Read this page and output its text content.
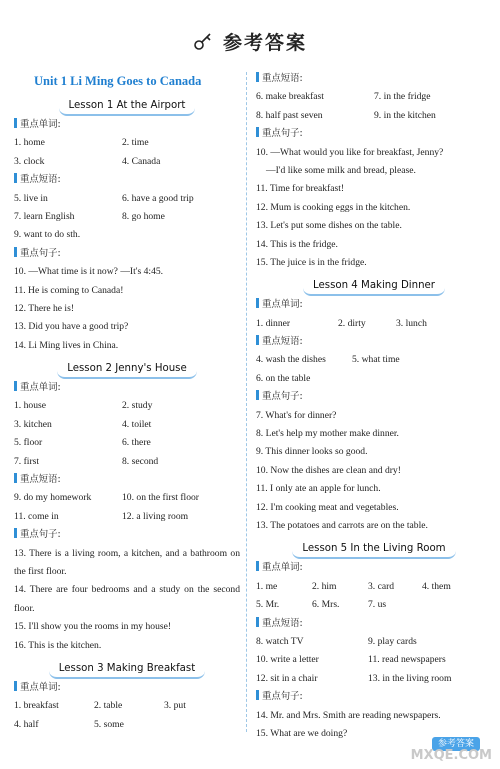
参考答案
Unit 1 Li Ming Goes to Canada
Lesson 1 At the Airport
重点单词:
1. home	2. time
3. clock	4. Canada
重点短语:
5. live in	6. have a good trip
7. learn English	8. go home
9. want to do sth.
重点句子:
10. —What time is it now? —It's 4:45.
11. He is coming to Canada!
12. There he is!
13. Did you have a good trip?
14. Li Ming lives in China.
Lesson 2 Jenny's House
重点单词:
1. house	2. study
3. kitchen	4. toilet
5. floor	6. there
7. first	8. second
重点短语:
9. do my homework	10. on the first floor
11. come in	12. a living room
重点句子:
13. There is a living room, a kitchen, and a bathroom on the first floor.
14. There are four bedrooms and a study on the second floor.
15. I'll show you the rooms in my house!
16. This is the kitchen.
Lesson 3 Making Breakfast
重点单词:
1. breakfast	2. table	3. put
4. half	5. some
重点短语:
6. make breakfast	7. in the fridge
8. half past seven	9. in the kitchen
重点句子:
10. —What would you like for breakfast, Jenny?
—I'd like some milk and bread, please.
11. Time for breakfast!
12. Mum is cooking eggs in the kitchen.
13. Let's put some dishes on the table.
14. This is the fridge.
15. The juice is in the fridge.
Lesson 4 Making Dinner
重点单词:
1. dinner	2. dirty	3. lunch
重点短语:
4. wash the dishes	5. what time
6. on the table
重点句子:
7. What's for dinner?
8. Let's help my mother make dinner.
9. This dinner looks so good.
10. Now the dishes are clean and dry!
11. I only ate an apple for lunch.
12. I'm cooking meat and vegetables.
13. The potatoes and carrots are on the table.
Lesson 5 In the Living Room
重点单词:
1. me	2. him	3. card	4. them
5. Mr.	6. Mrs.	7. us
重点短语:
8. watch TV	9. play cards
10. write a letter	11. read newspapers
12. sit in a chair	13. in the living room
重点句子:
14. Mr. and Mrs. Smith are reading newspapers.
15. What are we doing?
参考答案
MXQE.COM
